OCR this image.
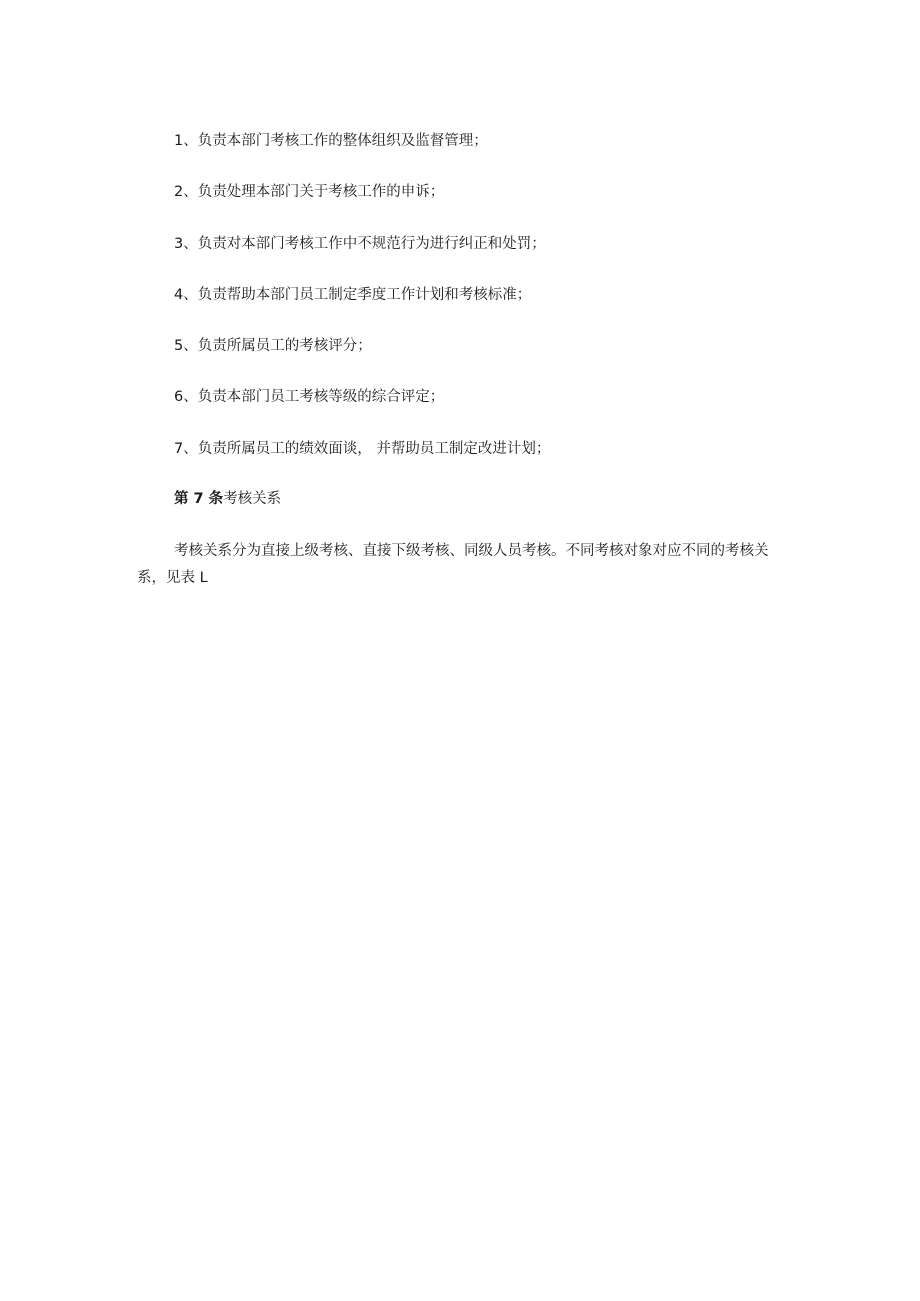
1、负责本部门考核工作的整体组织及监督管理；
2、负责处理本部门关于考核工作的申诉；
3、负责对本部门考核工作中不规范行为进行纠正和处罚；
4、负责帮助本部门员工制定季度工作计划和考核标准；
5、负责所属员工的考核评分；
6、负责本部门员工考核等级的综合评定；
7、负责所属员工的绩效面谈， 并帮助员工制定改进计划；
第 7 条考核关系

考核关系分为直接上级考核、直接下级考核、同级人员考核。不同考核对象对应不同的考核关系，见表 L
